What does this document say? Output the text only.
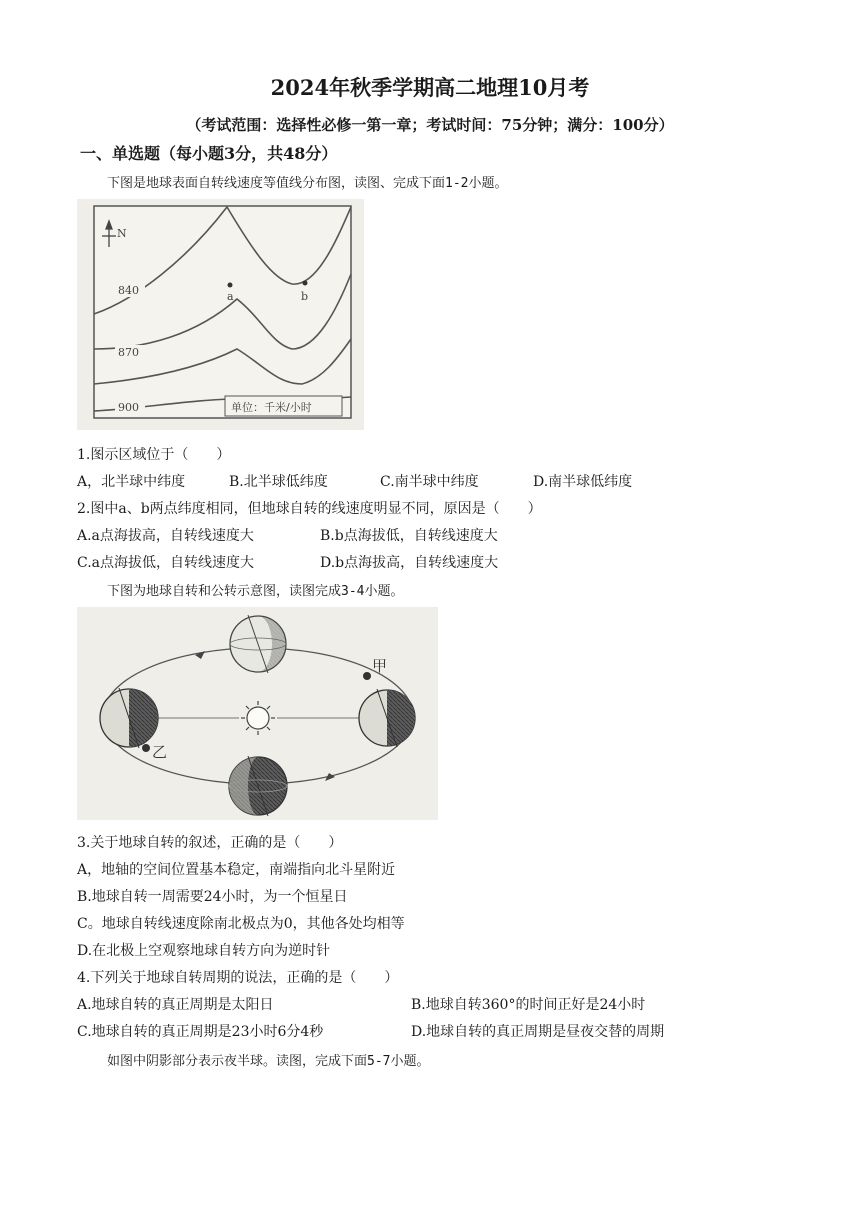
2024年秋季学期高二地理10月考
（考试范围：选择性必修一第一章；考试时间：75分钟；满分：100分）
一、单选题（每小题3分，共48分）
下图是地球表面自转线速度等值线分布图，读图、完成下面1-2小题。
N
840
870
900
a	b
单位：千米/小时
1.图示区域位于（　　）
A，北半球中纬度	B.北半球低纬度	C.南半球中纬度	D.南半球低纬度
2.图中a、b两点纬度相同，但地球自转的线速度明显不同，原因是（　　）
A.a点海拔高，自转线速度大	B.b点海拔低，自转线速度大
C.a点海拔低，自转线速度大	D.b点海拔高，自转线速度大
下图为地球自转和公转示意图，读图完成3-4小题。
甲
乙
3.关于地球自转的叙述，正确的是（　　）
A，地轴的空间位置基本稳定，南端指向北斗星附近
B.地球自转一周需要24小时，为一个恒星日
C。地球自转线速度除南北极点为0，其他各处均相等
D.在北极上空观察地球自转方向为逆时针
4.下列关于地球自转周期的说法，正确的是（　　）
A.地球自转的真正周期是太阳日	B.地球自转360°的时间正好是24小时
C.地球自转的真正周期是23小时6分4秒	D.地球自转的真正周期是昼夜交替的周期
如图中阴影部分表示夜半球。读图，完成下面5-7小题。
